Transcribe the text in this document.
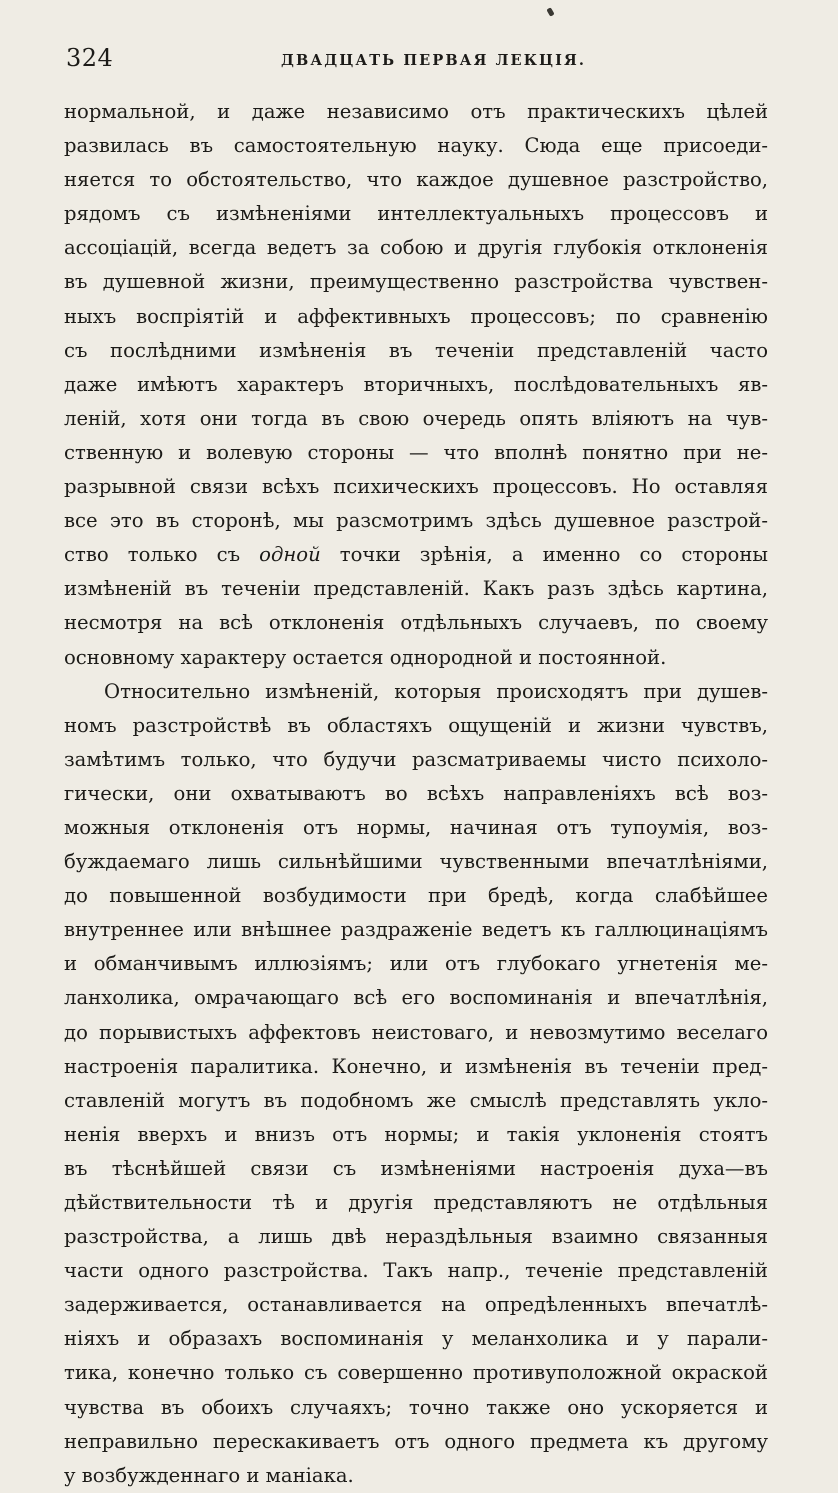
324	ДВАДЦАТЬ ПЕРВАЯ ЛЕКЦІЯ.
нормальной, и даже независимо отъ практическихъ цѣлей
развилась въ самостоятельную науку. Сюда еще присоеди-
няется то обстоятельство, что каждое душевное разстройство,
рядомъ съ измѣненіями интеллектуальныхъ процессовъ и
ассоціацій, всегда ведетъ за собою и другія глубокія отклоненія
въ душевной жизни, преимущественно разстройства чувствен-
ныхъ воспріятій и аффективныхъ процессовъ; по сравненію
съ послѣдними измѣненія въ теченіи представленій часто
даже имѣютъ характеръ вторичныхъ, послѣдовательныхъ яв-
леній, хотя они тогда въ свою очередь опять вліяютъ на чув-
ственную и волевую стороны — что вполнѣ понятно при не-
разрывной связи всѣхъ психическихъ процессовъ. Но оставляя
все это въ сторонѣ, мы разсмотримъ здѣсь душевное разстрой-
ство только съ одной точки зрѣнія, а именно со стороны
измѣненій въ теченіи представленій. Какъ разъ здѣсь картина,
несмотря на всѣ отклоненія отдѣльныхъ случаевъ, по своему
основному характеру остается однородной и постоянной.
Относительно измѣненій, которыя происходятъ при душев-
номъ разстройствѣ въ областяхъ ощущеній и жизни чувствъ,
замѣтимъ только, что будучи разсматриваемы чисто психоло-
гически, они охватываютъ во всѣхъ направленіяхъ всѣ воз-
можныя отклоненія отъ нормы, начиная отъ тупоумія, воз-
буждаемаго лишь сильнѣйшими чувственными впечатлѣніями,
до повышенной возбудимости при бредѣ, когда слабѣйшее
внутреннее или внѣшнее раздраженіе ведетъ къ галлюцинаціямъ
и обманчивымъ иллюзіямъ; или отъ глубокаго угнетенія ме-
ланхолика, омрачающаго всѣ его воспоминанія и впечатлѣнія,
до порывистыхъ аффектовъ неистоваго, и невозмутимо веселаго
настроенія паралитика. Конечно, и измѣненія въ теченіи пред-
ставленій могутъ въ подобномъ же смыслѣ представлять укло-
ненія вверхъ и внизъ отъ нормы; и такія уклоненія стоятъ
въ тѣснѣйшей связи съ измѣненіями настроенія духа—въ
дѣйствительности тѣ и другія представляютъ не отдѣльныя
разстройства, а лишь двѣ нераздѣльныя взаимно связанныя
части одного разстройства. Такъ напр., теченіе представленій
задерживается, останавливается на опредѣленныхъ впечатлѣ-
ніяхъ и образахъ воспоминанія у меланхолика и у парали-
тика, конечно только съ совершенно противуположной окраской
чувства въ обоихъ случаяхъ; точно также оно ускоряется и
неправильно перескакиваетъ отъ одного предмета къ другому
у возбужденнаго и маніака.
